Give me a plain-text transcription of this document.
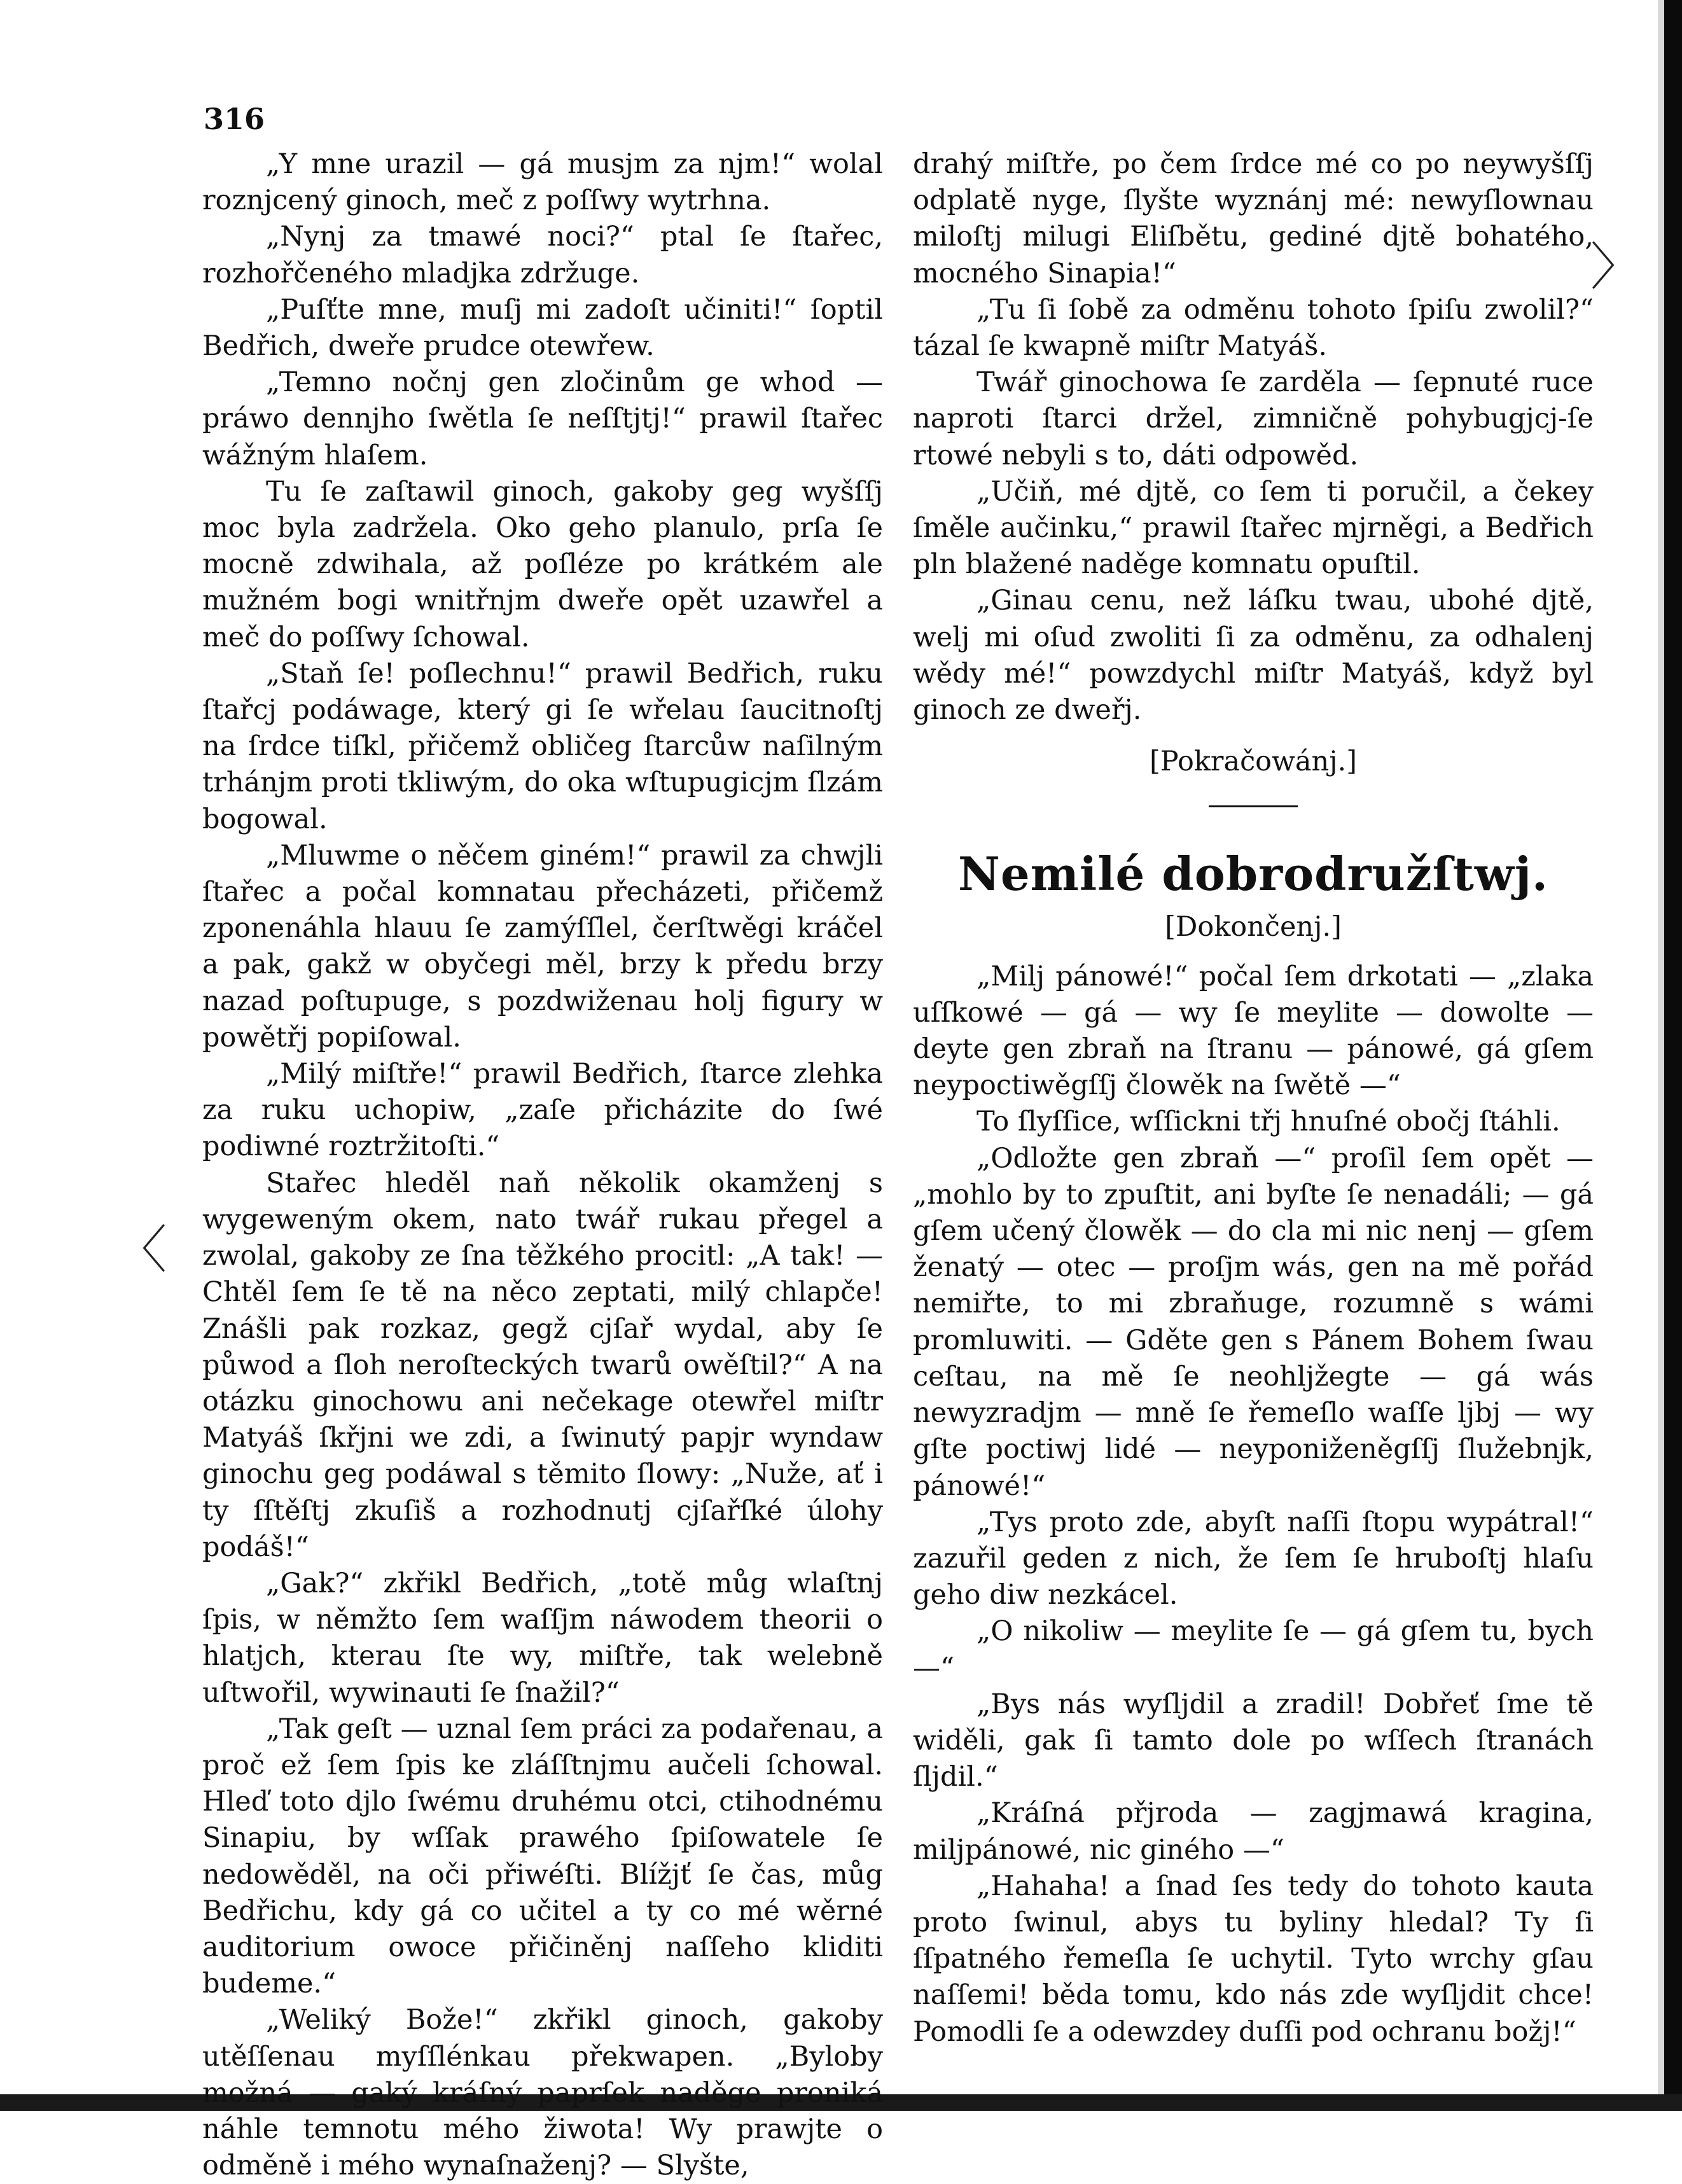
316

„Y mne urazil — gá musjm za njm!“ wolal roznjcený ginoch, meč z poſſwy wytrhna.

„Nynj za tmawé noci?“ ptal ſe ſtařec, rozhořčeného mladjka zdržuge.

„Puſťte mne, muſj mi zadoſt učiniti!“ ſoptil Bedřich, dweře prudce otewřew.

„Temno nočnj gen zločinům ge whod — práwo dennjho ſwětla ſe neſſtjtj!“ prawil ſtařec wážným hlaſem.

Tu ſe zaſtawil ginoch, gakoby geg wyšſſj moc byla zadržela. Oko geho planulo, prſa ſe mocně zdwihala, až poſléze po krátkém ale mužném bogi wnitřnjm dweře opět uzawřel a meč do poſſwy ſchowal.

„Staň ſe! poſlechnu!“ prawil Bedřich, ruku ſtařcj podáwage, který gi ſe wřelau ſaucitnoſtj na ſrdce tiſkl, přičemž obličeg ſtarcůw naſilným trhánjm proti tkliwým, do oka wſtupugicjm ſlzám bogowal.

„Mluwme o něčem giném!“ prawil za chwjli ſtařec a počal komnatau přecházeti, přičemž zponenáhla hlauu ſe zamýſſlel, čerſtwěgi kráčel a pak, gakž w obyčegi měl, brzy k předu brzy nazad poſtupuge, s pozdwiženau holj figury w powětřj popiſowal.

„Milý miſtře!“ prawil Bedřich, ſtarce zlehka za ruku uchopiw, „zaſe přicházite do ſwé podiwné roztržitoſti.“

Stařec hleděl naň několik okamženj s wygeweným okem, nato twář rukau přegel a zwolal, gakoby ze ſna těžkého procitl: „A tak! — Chtěl ſem ſe tě na něco zeptati, milý chlapče! Znášli pak rozkaz, gegž cjſař wydal, aby ſe půwod a ſloh neroſteckých twarů owěſtil?“ A na otázku ginochowu ani nečekage otewřel miſtr Matyáš ſkřjni we zdi, a ſwinutý papjr wyndaw ginochu geg podáwal s těmito ſlowy: „Nuže, ať i ty ſſtěſtj zkuſiš a rozhodnutj cjſařſké úlohy podáš!“

„Gak?“ zkřikl Bedřich, „totě můg wlaſtnj ſpis, w němžto ſem waſſjm náwodem theorii o hlatjch, kterau ſte wy, miſtře, tak welebně uſtwořil, wywinauti ſe ſnažil?“

„Tak geſt — uznal ſem práci za podařenau, a proč ež ſem ſpis ke zláſſtnjmu aučeli ſchowal. Hleď toto djlo ſwému druhému otci, ctihodnému Sinapiu, by wſſak prawého ſpiſowatele ſe nedowěděl, na oči přiwéſti. Blížjť ſe čas, můg Bedřichu, kdy gá co učitel a ty co mé wěrné auditorium owoce přičiněnj naſſeho kliditi budeme.“

„Weliký Bože!“ zkřikl ginoch, gakoby utěſſenau myſſlénkau překwapen. „Byloby možná — gaký kráſný paprſek naděge proniká náhle temnotu mého žiwota! Wy prawjte o odměně i mého wynaſnaženj? — Slyšte,

drahý miſtře, po čem ſrdce mé co po neywyšſſj odplatě nyge, ſlyšte wyznánj mé: newyſlownau miloſtj milugi Eliſbětu, gediné djtě bohatého, mocného Sinapia!“

„Tu ſi ſobě za odměnu tohoto ſpiſu zwolil?“ tázal ſe kwapně miſtr Matyáš.

Twář ginochowa ſe zarděla — ſepnuté ruce naproti ſtarci držel, zimničně pohybugjcj-ſe rtowé nebyli s to, dáti odpowěd.

„Učiň, mé djtě, co ſem ti poručil, a čekey ſměle aučinku,“ prawil ſtařec mjrněgi, a Bedřich pln blažené naděge komnatu opuſtil.

„Ginau cenu, než láſku twau, ubohé djtě, welj mi oſud zwoliti ſi za odměnu, za odhalenj wědy mé!“ powzdychl miſtr Matyáš, když byl ginoch ze dweřj.

[Pokračowánj.]

Nemilé dobrodružſtwj.

[Dokončenj.]

„Milj pánowé!“ počal ſem drkotati — „zlaka uſſkowé — gá — wy ſe meylite — dowolte — deyte gen zbraň na ſtranu — pánowé, gá gſem neypoctiwěgſſj člowěk na ſwětě —“

To ſlyſſice, wſſickni třj hnuſné obočj ſtáhli.

„Odložte gen zbraň —“ proſil ſem opět — „mohlo by to zpuſtit, ani byſte ſe nenadáli; — gá gſem učený člowěk — do cla mi nic nenj — gſem ženatý — otec — proſjm wás, gen na mě pořád nemiřte, to mi zbraňuge, rozumně s wámi promluwiti. — Gděte gen s Pánem Bohem ſwau ceſtau, na mě ſe neohljžegte — gá wás newyzradjm — mně ſe řemeſlo waſſe ljbj — wy gſte poctiwj lidé — neyponiženěgſſj ſlužebnjk, pánowé!“

„Tys proto zde, abyſt naſſi ſtopu wypátral!“ zazuřil geden z nich, že ſem ſe hruboſtj hlaſu geho diw nezkácel.

„O nikoliw — meylite ſe — gá gſem tu, bych —“

„Bys nás wyſljdil a zradil! Dobřeť ſme tě widěli, gak ſi tamto dole po wſſech ſtranách ſljdil.“

„Kráſná přjroda — zagjmawá kragina, miljpánowé, nic giného —“

„Hahaha! a ſnad ſes tedy do tohoto kauta proto ſwinul, abys tu byliny hledal? Ty ſi ſſpatného řemeſla ſe uchytil. Tyto wrchy gſau naſſemi! běda tomu, kdo nás zde wyſljdit chce! Pomodli ſe a odewzdey duſſi pod ochranu božj!“

〈
〉
